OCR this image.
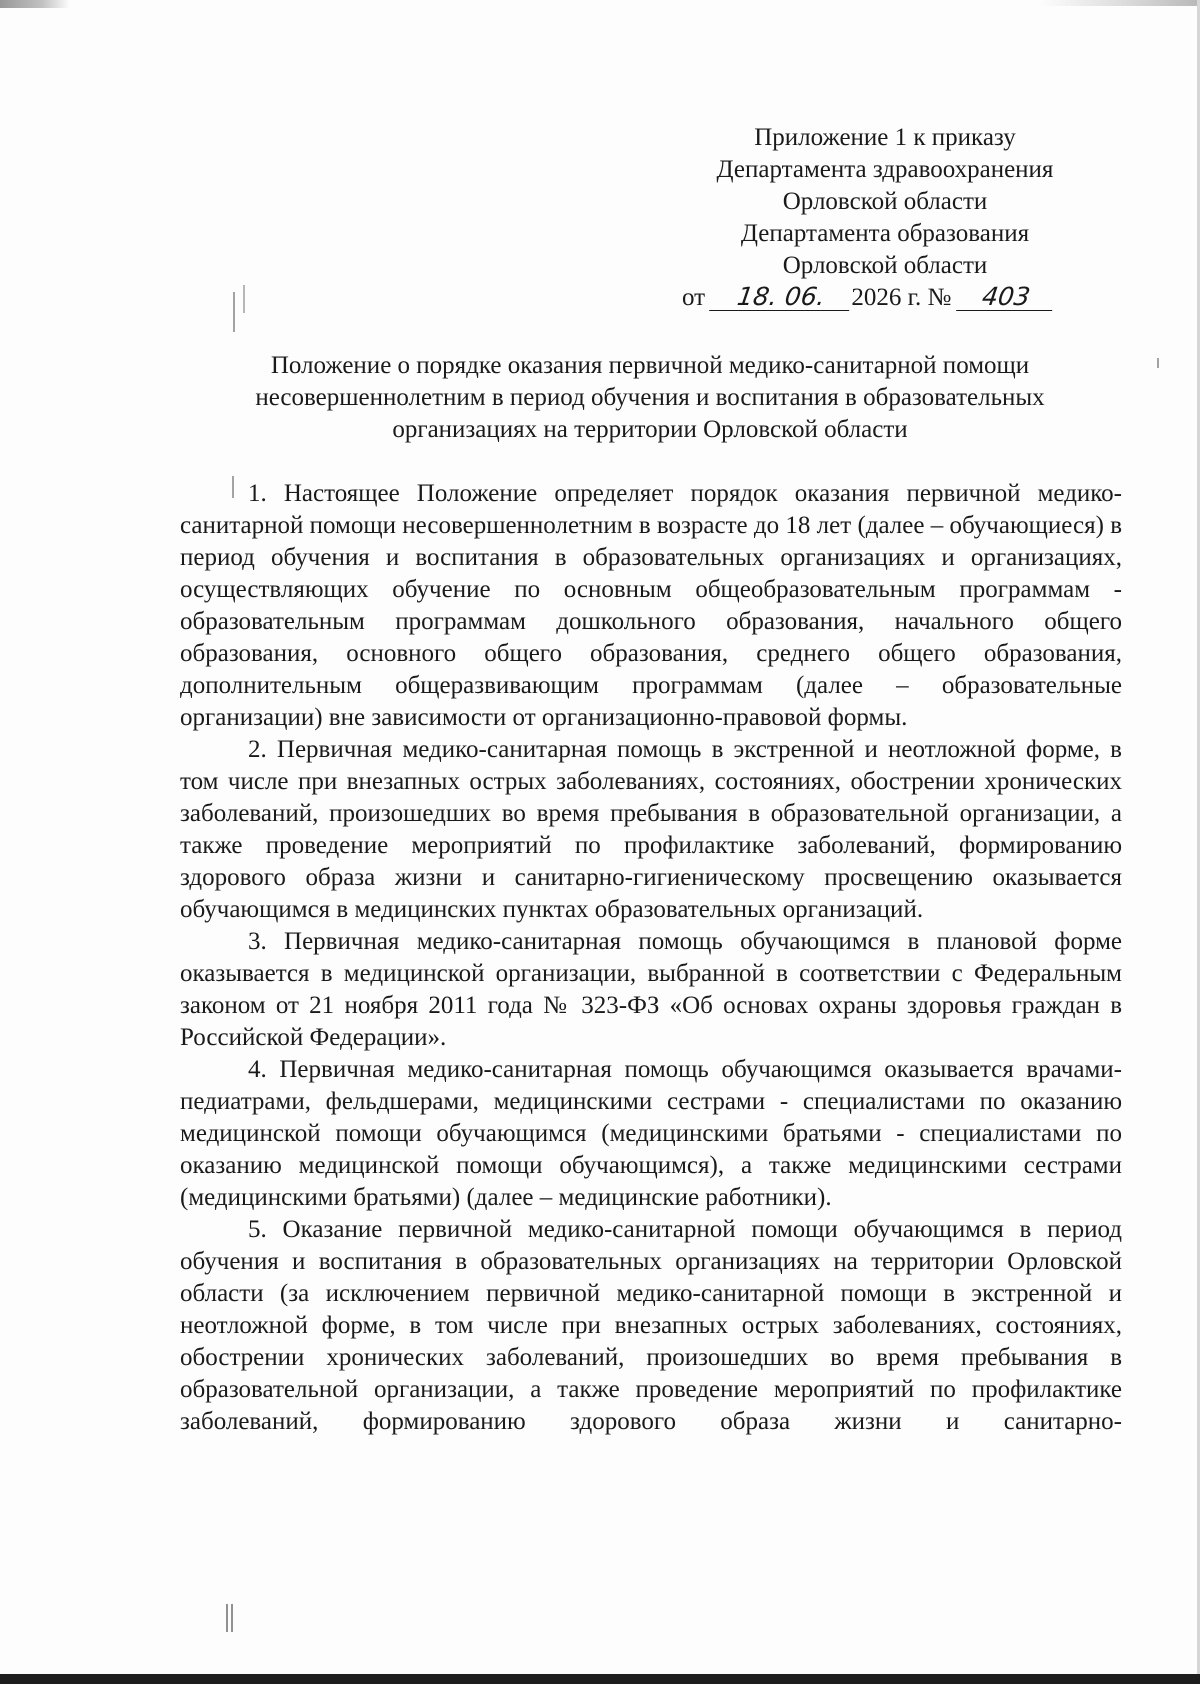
Приложение 1 к приказу
Департамента здравоохранения
Орловской области
Департамента образования
Орловской области
от 18. 06. 2026 г. № 403
Положение о порядке оказания первичной медико-санитарной помощи несовершеннолетним в период обучения и воспитания в образовательных организациях на территории Орловской области

1. Настоящее Положение определяет порядок оказания первичной медико-санитарной помощи несовершеннолетним в возрасте до 18 лет (далее – обучающиеся) в период обучения и воспитания в образовательных организациях и организациях, осуществляющих обучение по основным общеобразовательным программам - образовательным программам дошкольного образования, начального общего образования, основного общего образования, среднего общего образования, дополнительным общеразвивающим программам (далее – образовательные организации) вне зависимости от организационно-правовой формы.

2. Первичная медико-санитарная помощь в экстренной и неотложной форме, в том числе при внезапных острых заболеваниях, состояниях, обострении хронических заболеваний, произошедших во время пребывания в образовательной организации, а также проведение мероприятий по профилактике заболеваний, формированию здорового образа жизни и санитарно-гигиеническому просвещению оказывается обучающимся в медицинских пунктах образовательных организаций.

3. Первичная медико-санитарная помощь обучающимся в плановой форме оказывается в медицинской организации, выбранной в соответствии с Федеральным законом от 21 ноября 2011 года № 323-ФЗ «Об основах охраны здоровья граждан в Российской Федерации».

4. Первичная медико-санитарная помощь обучающимся оказывается врачами-педиатрами, фельдшерами, медицинскими сестрами - специалистами по оказанию медицинской помощи обучающимся (медицинскими братьями - специалистами по оказанию медицинской помощи обучающимся), а также медицинскими сестрами (медицинскими братьями) (далее – медицинские работники).

5. Оказание первичной медико-санитарной помощи обучающимся в период обучения и воспитания в образовательных организациях на территории Орловской области (за исключением первичной медико-санитарной помощи в экстренной и неотложной форме, в том числе при внезапных острых заболеваниях, состояниях, обострении хронических заболеваний, произошедших во время пребывания в образовательной организации, а также проведение мероприятий по профилактике заболеваний, формированию здорового образа жизни и санитарно-
